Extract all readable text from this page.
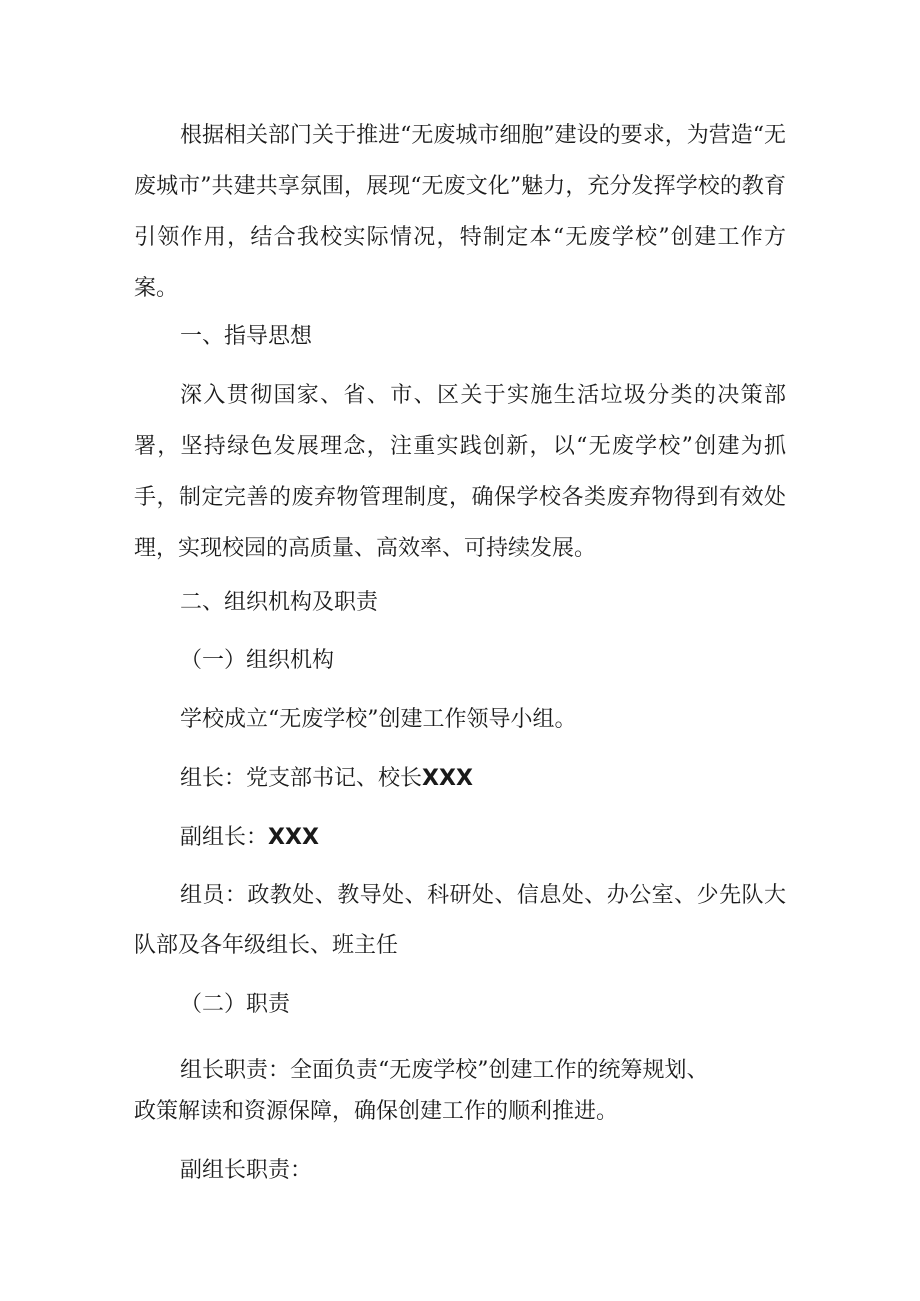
根据相关部门关于推进“无废城市细胞”建设的要求，为营造“无废城市”共建共享氛围，展现“无废文化”魅力，充分发挥学校的教育引领作用，结合我校实际情况，特制定本“无废学校”创建工作方案。

一、指导思想

深入贯彻国家、省、市、区关于实施生活垃圾分类的决策部署，坚持绿色发展理念，注重实践创新，以“无废学校”创建为抓手，制定完善的废弃物管理制度，确保学校各类废弃物得到有效处理，实现校园的高质量、高效率、可持续发展。

二、组织机构及职责

（一）组织机构

学校成立“无废学校”创建工作领导小组。

组长：党支部书记、校长XXX

副组长：XXX

组员：政教处、教导处、科研处、信息处、办公室、少先队大队部及各年级组长、班主任

（二）职责

组长职责：全面负责“无废学校”创建工作的统筹规划、

政策解读和资源保障，确保创建工作的顺利推进。

副组长职责：
